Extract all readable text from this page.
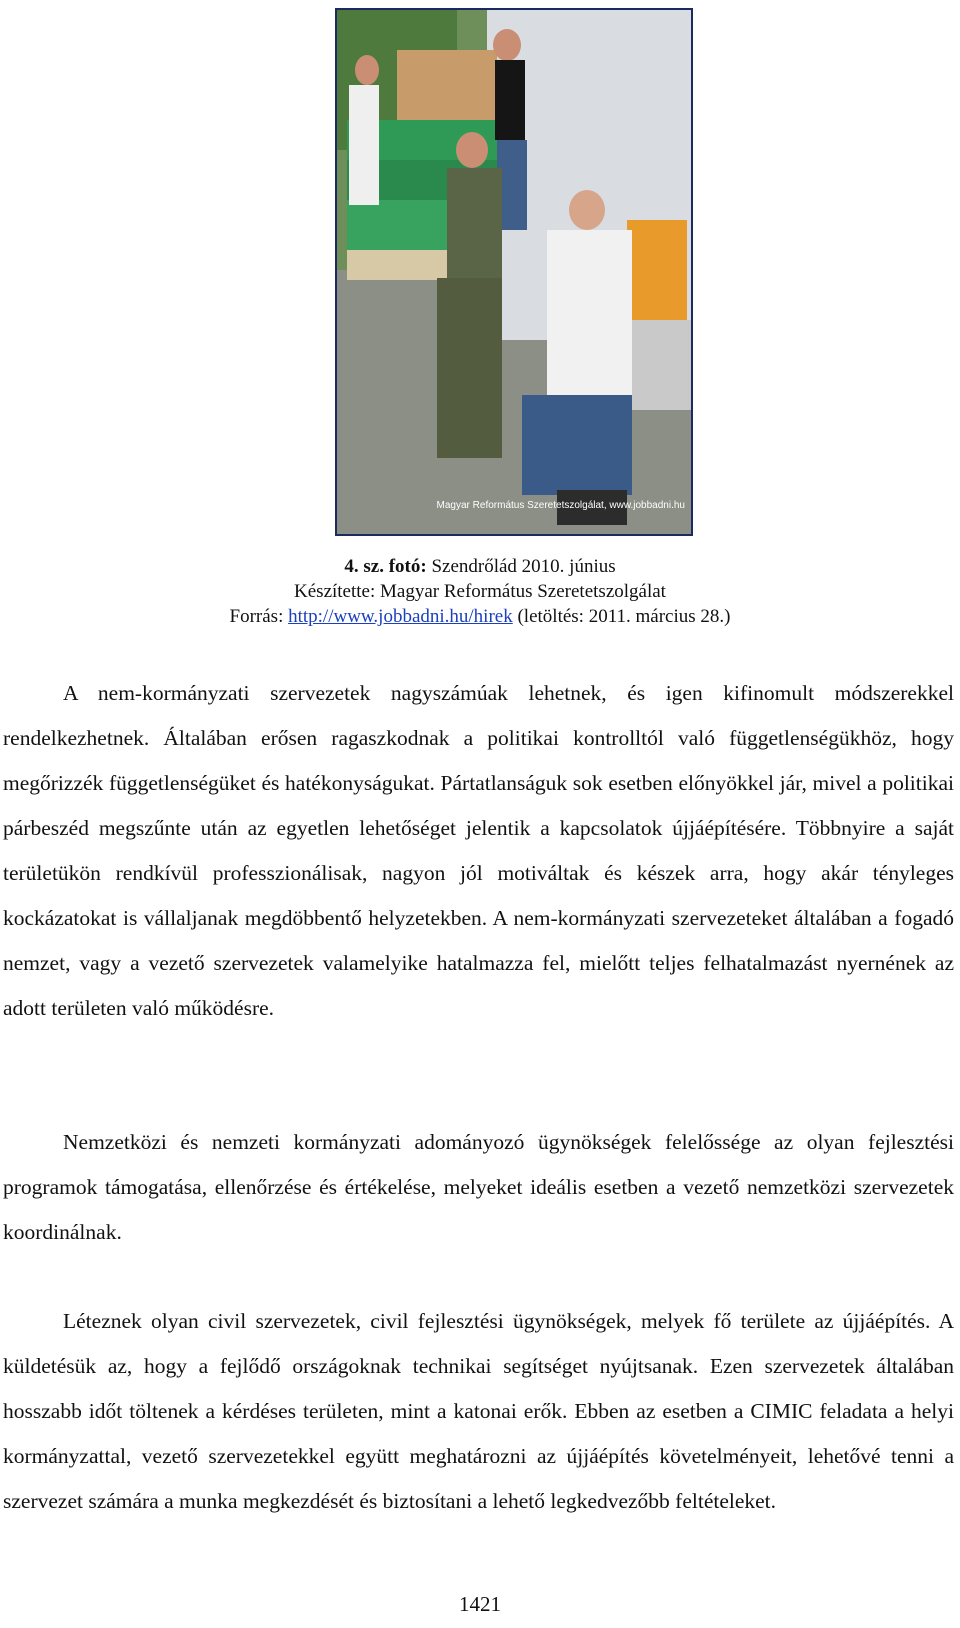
Magyar Református Szeretetszolgálat, www.jobbadni.hu
4. sz. fotó: Szendrőlád 2010. június
Készítette: Magyar Református Szeretetszolgálat
Forrás: http://www.jobbadni.hu/hirek (letöltés: 2011. március 28.)

A nem-kormányzati szervezetek nagyszámúak lehetnek, és igen kifinomult módszerekkel rendelkezhetnek. Általában erősen ragaszkodnak a politikai kontrolltól való függetlenségükhöz, hogy megőrizzék függetlenségüket és hatékonyságukat. Pártatlanságuk sok esetben előnyökkel jár, mivel a politikai párbeszéd megszűnte után az egyetlen lehetőséget jelentik a kapcsolatok újjáépítésére. Többnyire a saját területükön rendkívül professzionálisak, nagyon jól motiváltak és készek arra, hogy akár tényleges kockázatokat is vállaljanak megdöbbentő helyzetekben. A nem-kormányzati szervezeteket általában a fogadó nemzet, vagy a vezető szervezetek valamelyike hatalmazza fel, mielőtt teljes felhatalmazást nyernének az adott területen való működésre.

Nemzetközi és nemzeti kormányzati adományozó ügynökségek felelőssége az olyan fejlesztési programok támogatása, ellenőrzése és értékelése, melyeket ideális esetben a vezető nemzetközi szervezetek koordinálnak.

Léteznek olyan civil szervezetek, civil fejlesztési ügynökségek, melyek fő területe az újjáépítés. A küldetésük az, hogy a fejlődő országoknak technikai segítséget nyújtsanak. Ezen szervezetek általában hosszabb időt töltenek a kérdéses területen, mint a katonai erők. Ebben az esetben a CIMIC feladata a helyi kormányzattal, vezető szervezetekkel együtt meghatározni az újjáépítés követelményeit, lehetővé tenni a szervezet számára a munka megkezdését és biztosítani a lehető legkedvezőbb feltételeket.

1421
